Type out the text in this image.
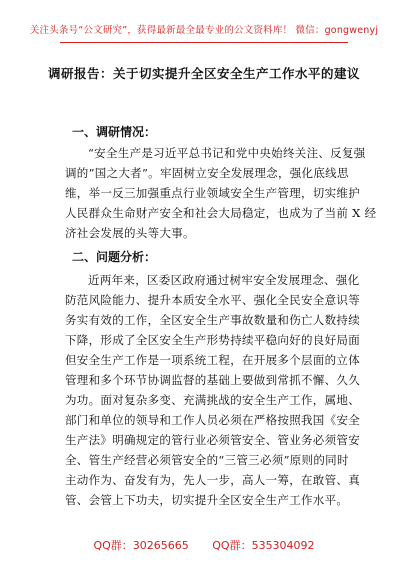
关注头条号“公文研究”，获得最新最全最专业的公文资料库！ 微信：gongwenyj
调研报告：关于切实提升全区安全生产工作水平的建议
一、调研情况：
“安全生产是习近平总书记和党中央始终关注、反复强
调的”国之大者”。牢固树立安全发展理念，强化底线思
维，举一反三加强重点行业领域安全生产管理，切实维护
人民群众生命财产安全和社会大局稳定，也成为了当前 X 经
济社会发展的头等大事。
二、问题分析：
近两年来，区委区政府通过树牢安全发展理念、强化
防范风险能力、提升本质安全水平、强化全民安全意识等
务实有效的工作，全区安全生产事故数量和伤亡人数持续
下降，形成了全区安全生产形势持续平稳向好的良好局面
但安全生产工作是一项系统工程，在开展多个层面的立体
管理和多个环节协调监督的基础上要做到常抓不懈、久久
为功。面对复杂多变、充满挑战的安全生产工作，属地、
部门和单位的领导和工作人员必须在严格按照我国《安全
生产法》明确规定的管行业必须管安全、管业务必须管安
全、管生产经营必须管安全的“三管三必须”原则的同时
主动作为、奋发有为，先人一步，高人一筹，在敢管、真
管、会管上下功夫，切实提升全区安全生产工作水平。
QQ群：30265665 QQ群：535304092
